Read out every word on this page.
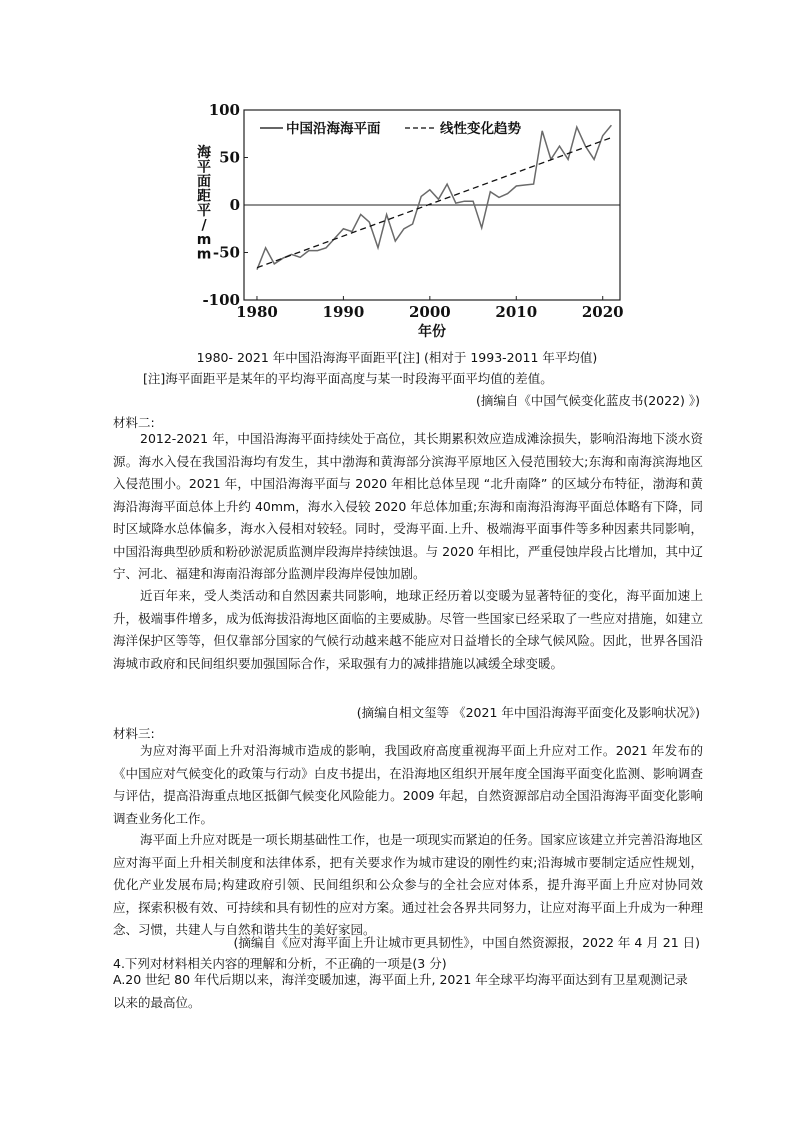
-100
-50
0
50
100
1980	1990	2000	2010	2020
海平面距平/ m m
年份
中国沿海海平面	线性变化趋势
1980- 2021 年中国沿海海平面距平[注] (相对于 1993-2011 年平均值)
[注]海平面距平是某年的平均海平面高度与某一时段海平面平均值的差值。
(摘编自《中国气候变化蓝皮书(2022) 》)
材料二:

2012-2021 年，中国沿海海平面持续处于高位，其长期累积效应造成滩涂损失，影响沿海地下淡水资源。海水入侵在我国沿海均有发生，其中渤海和黄海部分滨海平原地区入侵范围较大;东海和南海滨海地区入侵范围小。2021 年，中国沿海海平面与 2020 年相比总体呈现 “北升南降” 的区域分布特征，渤海和黄海沿海海平面总体上升约 40mm，海水入侵较 2020 年总体加重;东海和南海沿海海平面总体略有下降，同时区域降水总体偏多，海水入侵相对较轻。同时，受海平面.上升、极端海平面事件等多种因素共同影响，中国沿海典型砂质和粉砂淤泥质监测岸段海岸持续蚀退。与 2020 年相比，严重侵蚀岸段占比增加，其中辽宁、河北、福建和海南沿海部分监测岸段海岸侵蚀加剧。

近百年来，受人类活动和自然因素共同影响，地球正经历着以变暖为显著特征的变化，海平面加速上升，极端事件增多，成为低海拔沿海地区面临的主要威胁。尽管一些国家已经采取了一些应对措施，如建立海洋保护区等等，但仅靠部分国家的气候行动越来越不能应对日益增长的全球气候风险。因此，世界各国沿海城市政府和民间组织要加强国际合作，采取强有力的减排措施以减缓全球变暖。

(摘编自相文玺等 《2021 年中国沿海海平面变化及影响状况》)
材料三:

为应对海平面上升对沿海城市造成的影响，我国政府高度重视海平面上升应对工作。2021 年发布的《中国应对气候变化的政策与行动》白皮书提出，在沿海地区组织开展年度全国海平面变化监测、影响调查与评估，提高沿海重点地区抵御气候变化风险能力。2009 年起，自然资源部启动全国沿海海平面变化影响调查业务化工作。

海平面上升应对既是一项长期基础性工作，也是一项现实而紧迫的任务。国家应该建立并完善沿海地区应对海平面上升相关制度和法律体系，把有关要求作为城市建设的刚性约束;沿海城市要制定适应性规划，优化产业发展布局;构建政府引领、民间组织和公众参与的全社会应对体系，提升海平面上升应对协同效应，探索积极有效、可持续和具有韧性的应对方案。通过社会各界共同努力，让应对海平面上升成为一种理念、习惯，共建人与自然和谐共生的美好家园。

(摘编自《应对海平面上升让城市更具韧性》，中国自然资源报，2022 年 4 月 21 日)
4.下列对材料相关内容的理解和分析，不正确的一项是(3 分)

A.20 世纪 80 年代后期以来，海洋变暖加速，海平面上升, 2021 年全球平均海平面达到有卫星观测记录以来的最高位。
